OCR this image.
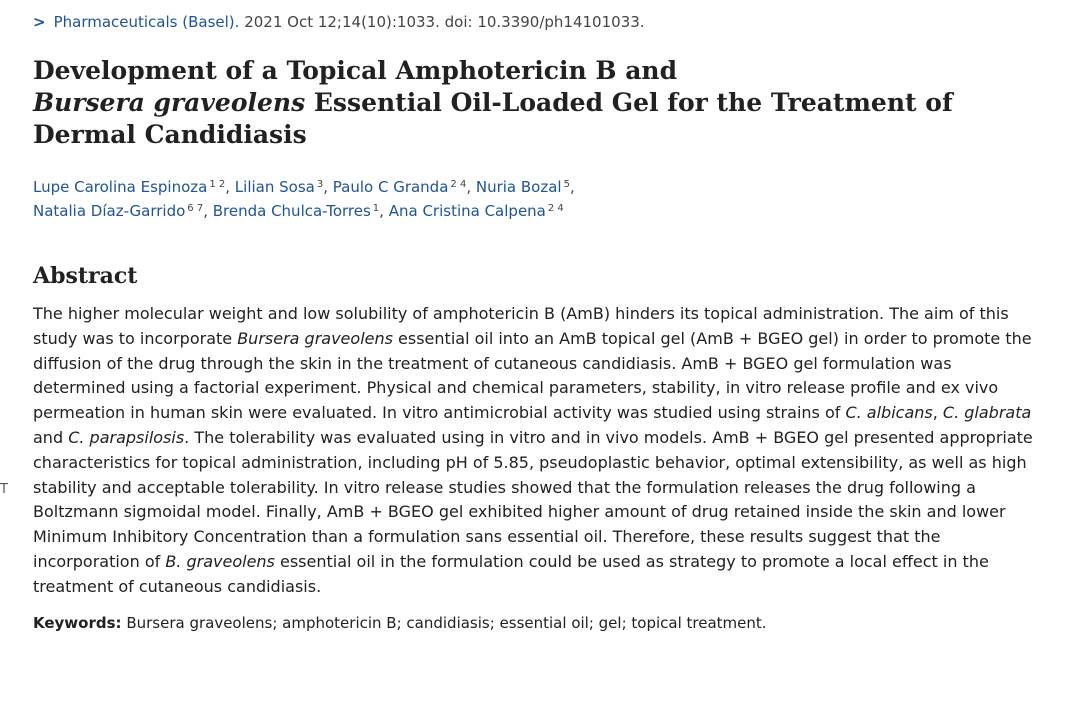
T
> Pharmaceuticals (Basel). 2021 Oct 12;14(10):1033. doi: 10.3390/ph14101033.
Development of a Topical Amphotericin B and
Bursera graveolens Essential Oil-Loaded Gel for the Treatment of Dermal Candidiasis
Lupe Carolina Espinoza $^{1 2}$, Lilian Sosa $^3$, Paulo C Granda $^{2 4}$, Nuria Bozal $^5$,
Natalia Díaz-Garrido $^{6 7}$, Brenda Chulca-Torres $^1$, Ana Cristina Calpena $^{2 4}$
Abstract

The higher molecular weight and low solubility of amphotericin B (AmB) hinders its topical administration. The aim of this study was to incorporate Bursera graveolens essential oil into an AmB topical gel (AmB + BGEO gel) in order to promote the diffusion of the drug through the skin in the treatment of cutaneous candidiasis. AmB + BGEO gel formulation was determined using a factorial experiment. Physical and chemical parameters, stability, in vitro release profile and ex vivo permeation in human skin were evaluated. In vitro antimicrobial activity was studied using strains of C. albicans, C. glabrata and C. parapsilosis. The tolerability was evaluated using in vitro and in vivo models. AmB + BGEO gel presented appropriate characteristics for topical administration, including pH of 5.85, pseudoplastic behavior, optimal extensibility, as well as high stability and acceptable tolerability. In vitro release studies showed that the formulation releases the drug following a Boltzmann sigmoidal model. Finally, AmB + BGEO gel exhibited higher amount of drug retained inside the skin and lower Minimum Inhibitory Concentration than a formulation sans essential oil. Therefore, these results suggest that the incorporation of B. graveolens essential oil in the formulation could be used as strategy to promote a local effect in the treatment of cutaneous candidiasis.

Keywords: Bursera graveolens; amphotericin B; candidiasis; essential oil; gel; topical treatment.
